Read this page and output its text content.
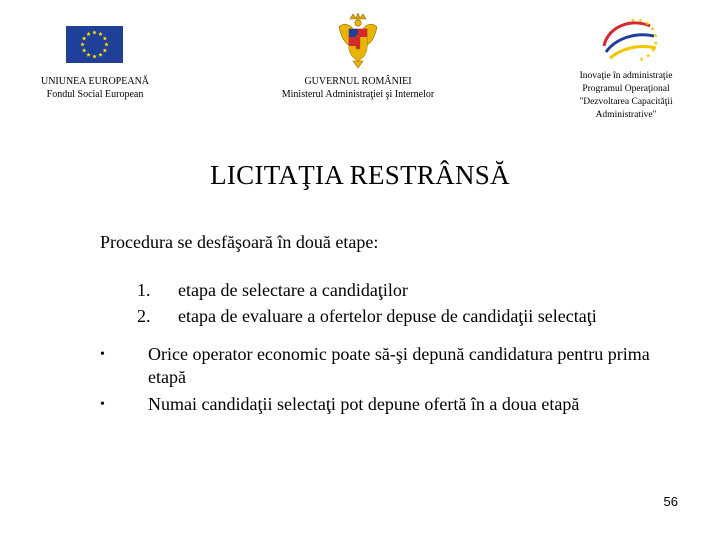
UNIUNEA EUROPEANĂ
Fondul Social European
GUVERNUL ROMÂNIEI
Ministerul Administraţiei şi Internelor
Inovaţie în administraţie
Programul Operaţional
"Dezvoltarea Capacităţii
Administrative"
LICITAŢIA RESTRÂNSĂ
Procedura se desfăşoară în două etape:
1.	etapa de selectare a candidaţilor
2.	etapa de evaluare a ofertelor depuse de candidaţii selectaţi
•	Orice operator economic poate să-şi depună candidatura pentru prima etapă
•	Numai candidaţii selectaţi pot depune ofertă în a doua etapă
56
